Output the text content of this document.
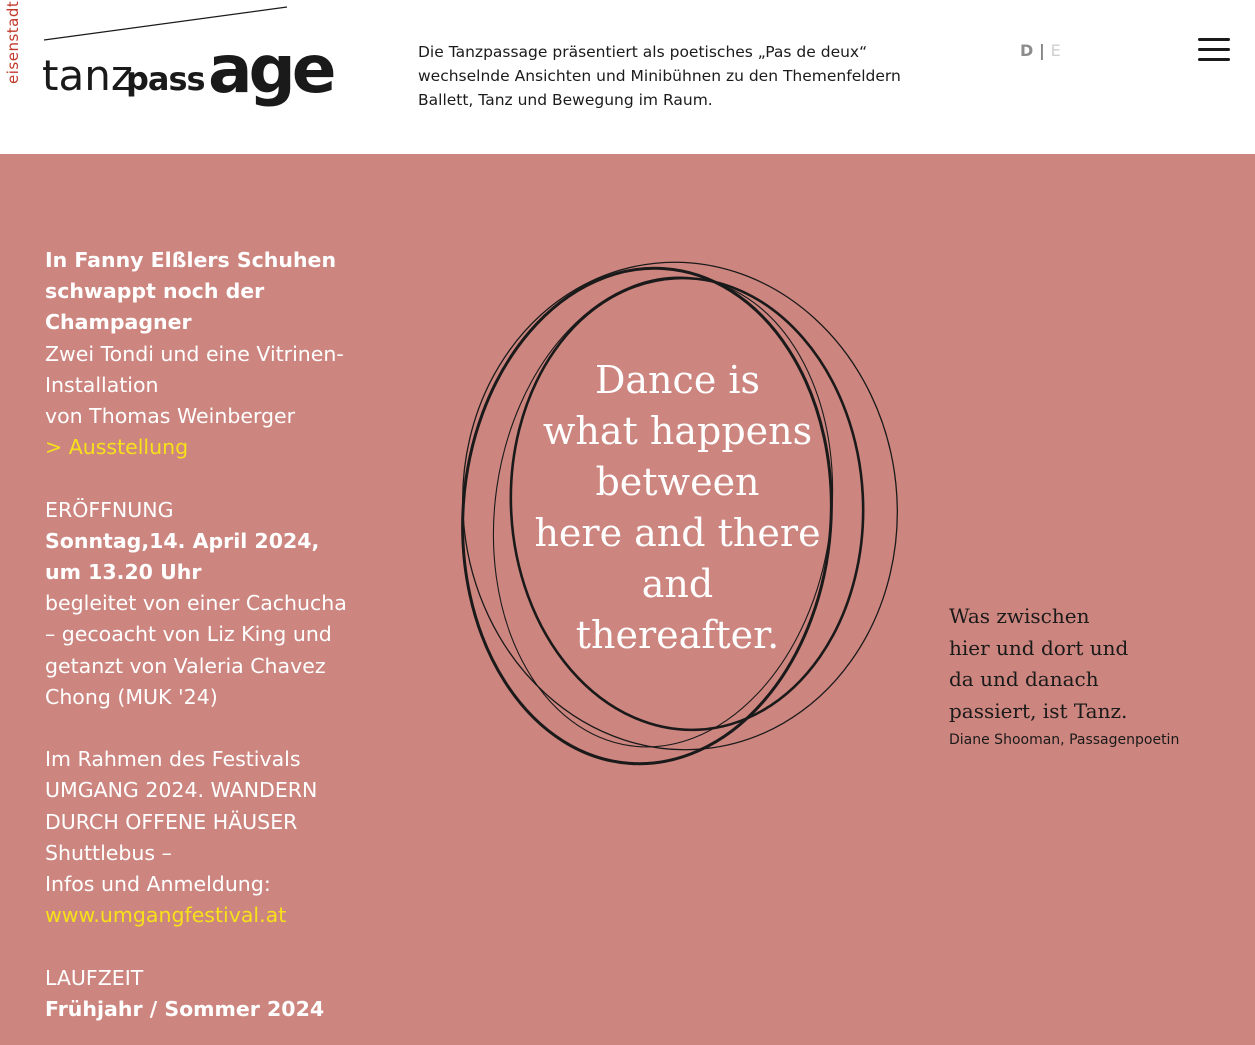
eisenstadt tanz
pass age	Die Tanzpassage präsentiert als poetisches „Pas de deux“
wechselnde Ansichten und Minibühnen zu den Themenfeldern
Ballett, Tanz und Bewegung im Raum.
D | E
In Fanny Elßlers Schuhen
schwappt noch der
Champagner
Zwei Tondi und eine Vitrinen-
Installation
von Thomas Weinberger
> Ausstellung
ERÖFFNUNG
Sonntag,14. April 2024,
um 13.20 Uhr
begleitet von einer Cachucha
– gecoacht von Liz King und
getanzt von Valeria Chavez
Chong (MUK '24)
Im Rahmen des Festivals
UMGANG 2024. WANDERN
DURCH OFFENE HÄUSER
Shuttlebus –
Infos und Anmeldung:
www.umgangfestival.at
LAUFZEIT
Frühjahr / Sommer 2024
Dance is
what happens
between
here and there
and
thereafter.	Was zwischen
hier und dort und
da und danach
passiert, ist Tanz.
Diane Shooman, Passagenpoetin
